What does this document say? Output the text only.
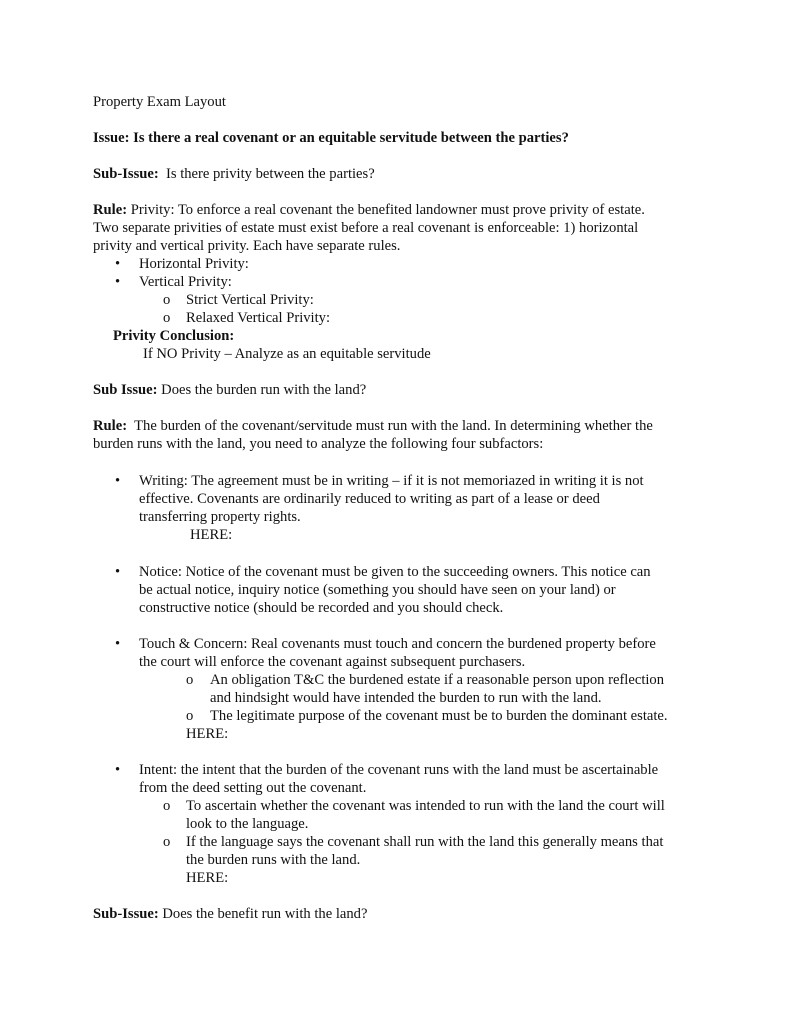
Property Exam Layout
Issue: Is there a real covenant or an equitable servitude between the parties?
Sub-Issue: Is there privity between the parties?
Rule: Privity: To enforce a real covenant the benefited landowner must prove privity of estate.
Two separate privities of estate must exist before a real covenant is enforceable: 1) horizontal
privity and vertical privity. Each have separate rules.
• Horizontal Privity:
• Vertical Privity:
o Strict Vertical Privity:
o Relaxed Vertical Privity:
Privity Conclusion:
If NO Privity – Analyze as an equitable servitude
Sub Issue: Does the burden run with the land?
Rule: The burden of the covenant/servitude must run with the land. In determining whether the
burden runs with the land, you need to analyze the following four subfactors:
• Writing: The agreement must be in writing – if it is not memoriazed in writing it is not
effective. Covenants are ordinarily reduced to writing as part of a lease or deed
transferring property rights.
HERE:
• Notice: Notice of the covenant must be given to the succeeding owners. This notice can
be actual notice, inquiry notice (something you should have seen on your land) or
constructive notice (should be recorded and you should check.
• Touch & Concern: Real covenants must touch and concern the burdened property before
the court will enforce the covenant against subsequent purchasers.
o An obligation T&C the burdened estate if a reasonable person upon reflection
and hindsight would have intended the burden to run with the land.
o The legitimate purpose of the covenant must be to burden the dominant estate.
HERE:
• Intent: the intent that the burden of the covenant runs with the land must be ascertainable
from the deed setting out the covenant.
o To ascertain whether the covenant was intended to run with the land the court will
look to the language.
o If the language says the covenant shall run with the land this generally means that
the burden runs with the land.
HERE:
Sub-Issue: Does the benefit run with the land?
